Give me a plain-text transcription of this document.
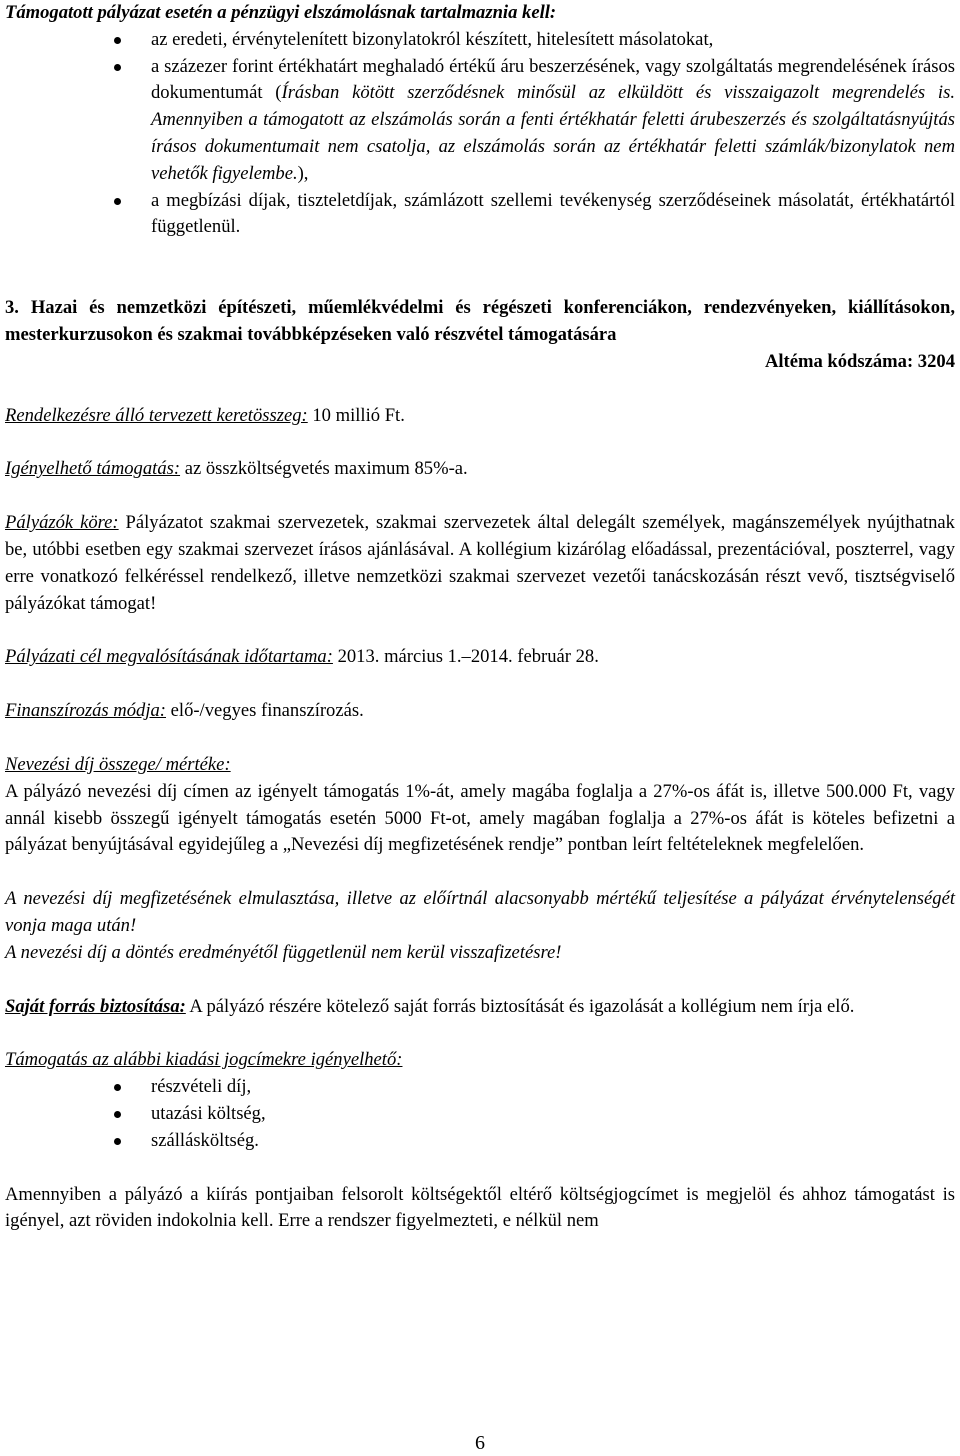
Támogatott pályázat esetén a pénzügyi elszámolásnak tartalmaznia kell:

az eredeti, érvénytelenített bizonylatokról készített, hitelesített másolatokat,
a százezer forint értékhatárt meghaladó értékű áru beszerzésének, vagy szolgáltatás megrendelésének írásos dokumentumát (Írásban kötött szerződésnek minősül az elküldött és visszaigazolt megrendelés is. Amennyiben a támogatott az elszámolás során a fenti értékhatár feletti árubeszerzés és szolgáltatásnyújtás írásos dokumentumait nem csatolja, az elszámolás során az értékhatár feletti számlák/bizonylatok nem vehetők figyelembe.),
a megbízási díjak, tiszteletdíjak, számlázott szellemi tevékenység szerződéseinek másolatát, értékhatártól függetlenül.

3. Hazai és nemzetközi építészeti, műemlékvédelmi és régészeti konferenciákon, rendezvényeken, kiállításokon, mesterkurzusokon és szakmai továbbképzéseken való részvétel támogatására

Altéma kódszáma: 3204

Rendelkezésre álló tervezett keretösszeg: 10 millió Ft.

Igényelhető támogatás: az összköltségvetés maximum 85%-a.

Pályázók köre: Pályázatot szakmai szervezetek, szakmai szervezetek által delegált személyek, magánszemélyek nyújthatnak be, utóbbi esetben egy szakmai szervezet írásos ajánlásával. A kollégium kizárólag előadással, prezentációval, poszterrel, vagy erre vonatkozó felkéréssel rendelkező, illetve nemzetközi szakmai szervezet vezetői tanácskozásán részt vevő, tisztségviselő pályázókat támogat!

Pályázati cél megvalósításának időtartama: 2013. március 1.–2014. február 28.

Finanszírozás módja: elő-/vegyes finanszírozás.

Nevezési díj összege/ mértéke:

A pályázó nevezési díj címen az igényelt támogatás 1%-át, amely magába foglalja a 27%-os áfát is, illetve 500.000 Ft, vagy annál kisebb összegű igényelt támogatás esetén 5000 Ft-ot, amely magában foglalja a 27%-os áfát is köteles befizetni a pályázat benyújtásával egyidejűleg a „Nevezési díj megfizetésének rendje” pontban leírt feltételeknek megfelelően.

A nevezési díj megfizetésének elmulasztása, illetve az előírtnál alacsonyabb mértékű teljesítése a pályázat érvénytelenségét vonja maga után!

A nevezési díj a döntés eredményétől függetlenül nem kerül visszafizetésre!

Saját forrás biztosítása: A pályázó részére kötelező saját forrás biztosítását és igazolását a kollégium nem írja elő.

Támogatás az alábbi kiadási jogcímekre igényelhető:

részvételi díj,
utazási költség,
szállásköltség.

Amennyiben a pályázó a kiírás pontjaiban felsorolt költségektől eltérő költségjogcímet is megjelöl és ahhoz támogatást is igényel, azt röviden indokolnia kell. Erre a rendszer figyelmezteti, e nélkül nem

6
